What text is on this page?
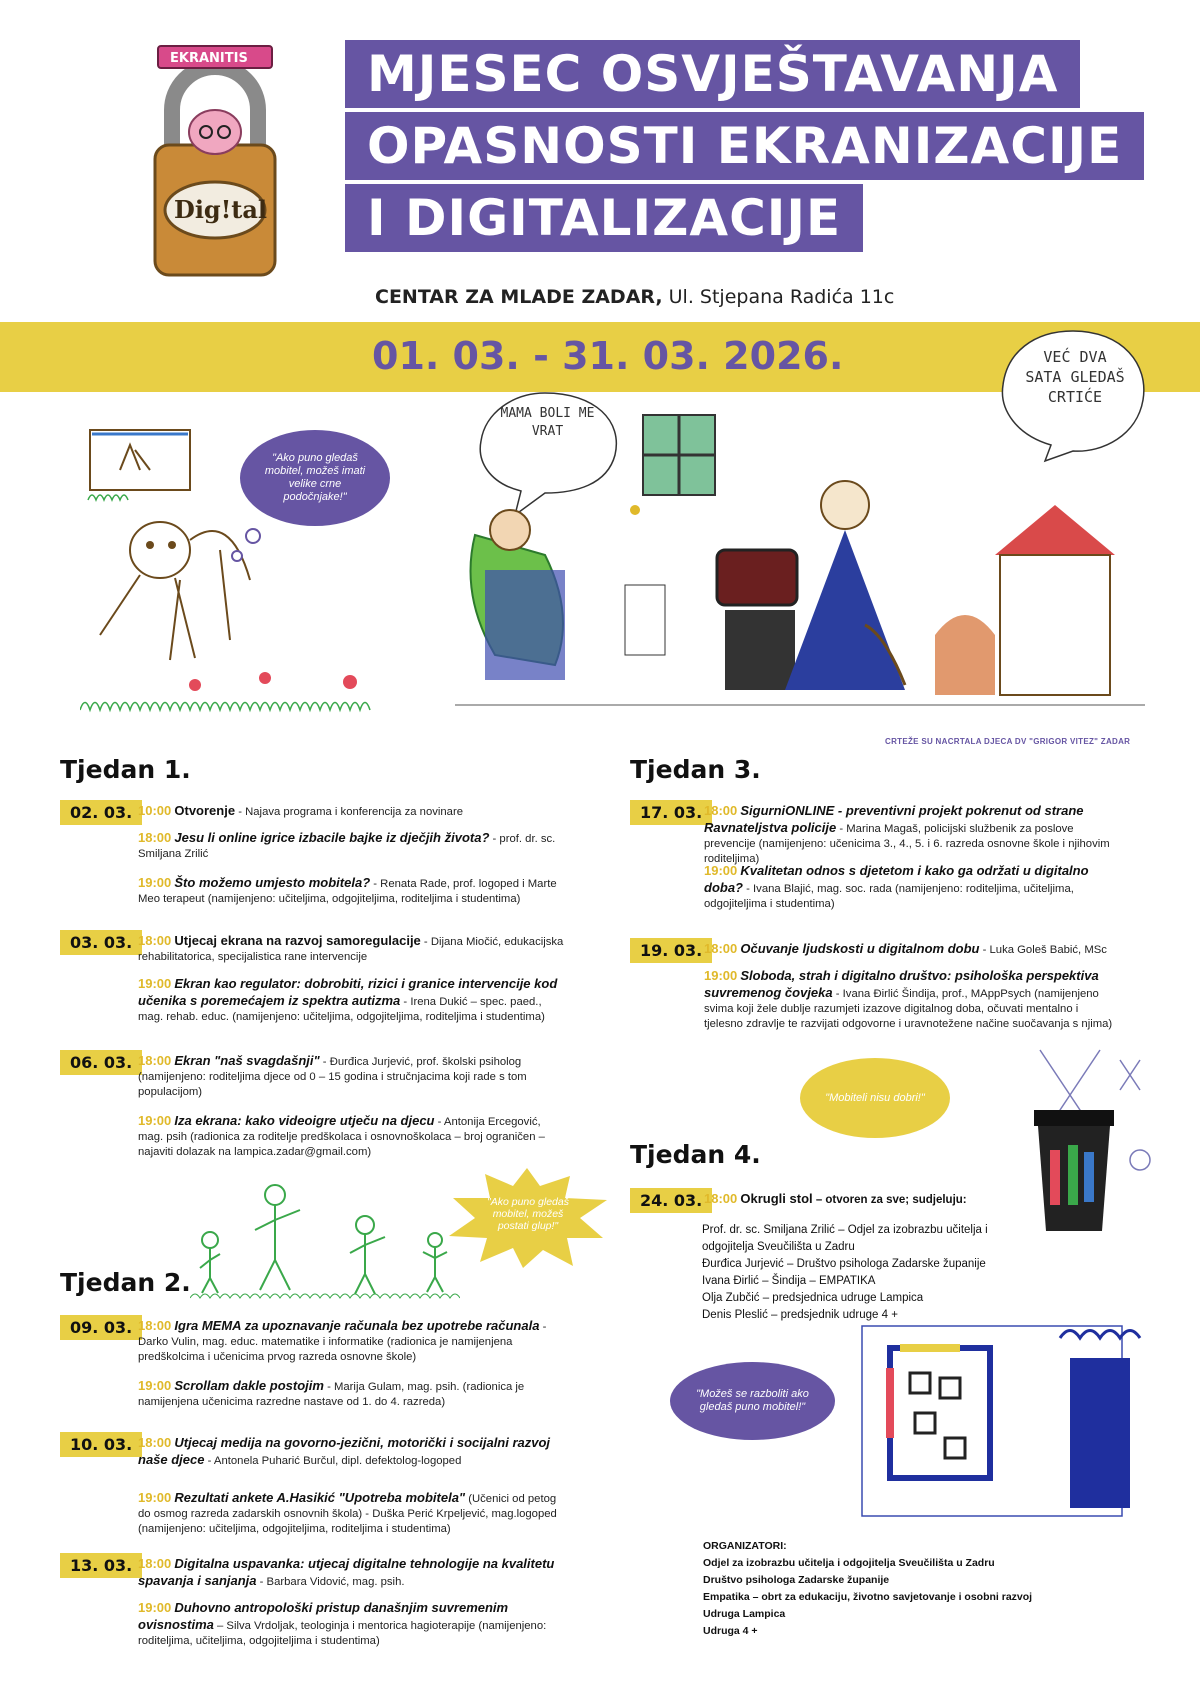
EKRANITIS
Dig!tal
MJESEC OSVJEŠTAVANJA
OPASNOSTI EKRANIZACIJE
I DIGITALIZACIJE
CENTAR ZA MLADE ZADAR, Ul. Stjepana Radića 11c
01. 03. - 31. 03. 2026.	VEĆ DVA SATA GLEDAŠ CRTIĆE
"Ako puno gledaš mobitel, možeš imati velike crne podočnjake!"
MAMA BOLI ME VRAT
CRTEŽE SU NACRTALA DJECA DV "GRIGOR VITEZ" ZADAR
Tjedan 1.
02. 03. 10:00 Otvorenje - Najava programa i konferencija za novinare
18:00 Jesu li online igrice izbacile bajke iz dječjih života? - prof. dr. sc. Smiljana Zrilić
19:00 Što možemo umjesto mobitela? - Renata Rade, prof. logoped i Marte Meo terapeut (namijenjeno: učiteljima, odgojiteljima, roditeljima i studentima)
03. 03. 18:00 Utjecaj ekrana na razvoj samoregulacije - Dijana Miočić, edukacijska rehabilitatorica, specijalistica rane intervencije
19:00 Ekran kao regulator: dobrobiti, rizici i granice intervencije kod učenika s poremećajem iz spektra autizma - Irena Dukić – spec. paed., mag. rehab. educ. (namijenjeno: učiteljima, odgojiteljima, roditeljima i studentima)
06. 03. 18:00 Ekran "naš svagdašnji" - Đurđica Jurjević, prof. školski psiholog (namijenjeno: roditeljima djece od 0 – 15 godina i stručnjacima koji rade s tom populacijom)
19:00 Iza ekrana: kako videoigre utječu na djecu - Antonija Ercegović, mag. psih (radionica za roditelje predškolaca i osnovnoškolaca – broj ograničen – najaviti dolazak na lampica.zadar@gmail.com)
"Ako puno gledaš mobitel, možeš postati glup!"
Tjedan 2.
09. 03. 18:00 Igra MEMA za upoznavanje računala bez upotrebe računala - Darko Vulin, mag. educ. matematike i informatike (radionica je namijenjena predškolcima i učenicima prvog razreda osnovne škole)
19:00 Scrollam dakle postojim - Marija Gulam, mag. psih. (radionica je namijenjena učenicima razredne nastave od 1. do 4. razreda)
10. 03. 18:00 Utjecaj medija na govorno-jezični, motorički i socijalni razvoj naše djece - Antonela Puharić Burčul, dipl. defektolog-logoped
19:00 Rezultati ankete A.Hasikić "Upotreba mobitela" (Učenici od petog do osmog razreda zadarskih osnovnih škola) - Duška Perić Krpeljević, mag.logoped (namijenjeno: učiteljima, odgojiteljima, roditeljima i studentima)
13. 03. 18:00 Digitalna uspavanka: utjecaj digitalne tehnologije na kvalitetu spavanja i sanjanja - Barbara Vidović, mag. psih.
19:00 Duhovno antropološki pristup današnjim suvremenim ovisnostima – Silva Vrdoljak, teologinja i mentorica hagioterapije (namijenjeno: roditeljima, učiteljima, odgojiteljima i studentima)
Tjedan 3.
17. 03. 18:00 SigurniONLINE - preventivni projekt pokrenut od strane Ravnateljstva policije - Marina Magaš, policijski službenik za poslove prevencije (namijenjeno: učenicima 3., 4., 5. i 6. razreda osnovne škole i njihovim roditeljima)
19:00 Kvalitetan odnos s djetetom i kako ga održati u digitalno doba? - Ivana Blajić, mag. soc. rada (namijenjeno: roditeljima, učiteljima, odgojiteljima i studentima)
19. 03. 18:00 Očuvanje ljudskosti u digitalnom dobu - Luka Goleš Babić, MSc
19:00 Sloboda, strah i digitalno društvo: psihološka perspektiva suvremenog čovjeka - Ivana Đirlić Šindija, prof., MAppPsych (namijenjeno svima koji žele dublje razumjeti izazove digitalnog doba, očuvati mentalno i tjelesno zdravlje te razvijati odgovorne i uravnotežene načine suočavanja s njima)
"Mobiteli nisu dobri!"
Tjedan 4.
24. 03. 18:00 Okrugli stol – otvoren za sve; sudjeluju:
Prof. dr. sc. Smiljana Zrilić – Odjel za izobrazbu učitelja i
odgojitelja Sveučilišta u Zadru
Đurđica Jurjević – Društvo psihologa Zadarske županije
Ivana Đirlić – Šindija – EMPATIKA
Olja Zubčić – predsjednica udruge Lampica
Denis Pleslić – predsjednik udruge 4 +
"Možeš se razboliti ako gledaš puno mobitel!"
ORGANIZATORI:
Odjel za izobrazbu učitelja i odgojitelja Sveučilišta u Zadru
Društvo psihologa Zadarske županije
Empatika – obrt za edukaciju, životno savjetovanje i osobni razvoj
Udruga Lampica
Udruga 4 +
